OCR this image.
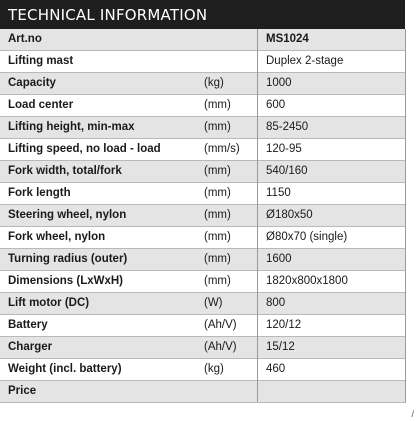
TECHNICAL INFORMATION
Art.no		MS1024
Lifting mast		Duplex 2-stage
Capacity	(kg)	1000
Load center	(mm)	600
Lifting height, min-max	(mm)	85-2450
Lifting speed, no load - load	(mm/s)	120-95
Fork width, total/fork	(mm)	540/160
Fork length	(mm)	1150
Steering wheel, nylon	(mm)	Ø180x50
Fork wheel, nylon	(mm)	Ø80x70 (single)
Turning radius (outer)	(mm)	1600
Dimensions (LxWxH)	(mm)	1820x800x1800
Lift motor (DC)	(W)	800
Battery	(Ah/V)	120/12
Charger	(Ah/V)	15/12
Weight (incl. battery)	(kg)	460
Price		
/
